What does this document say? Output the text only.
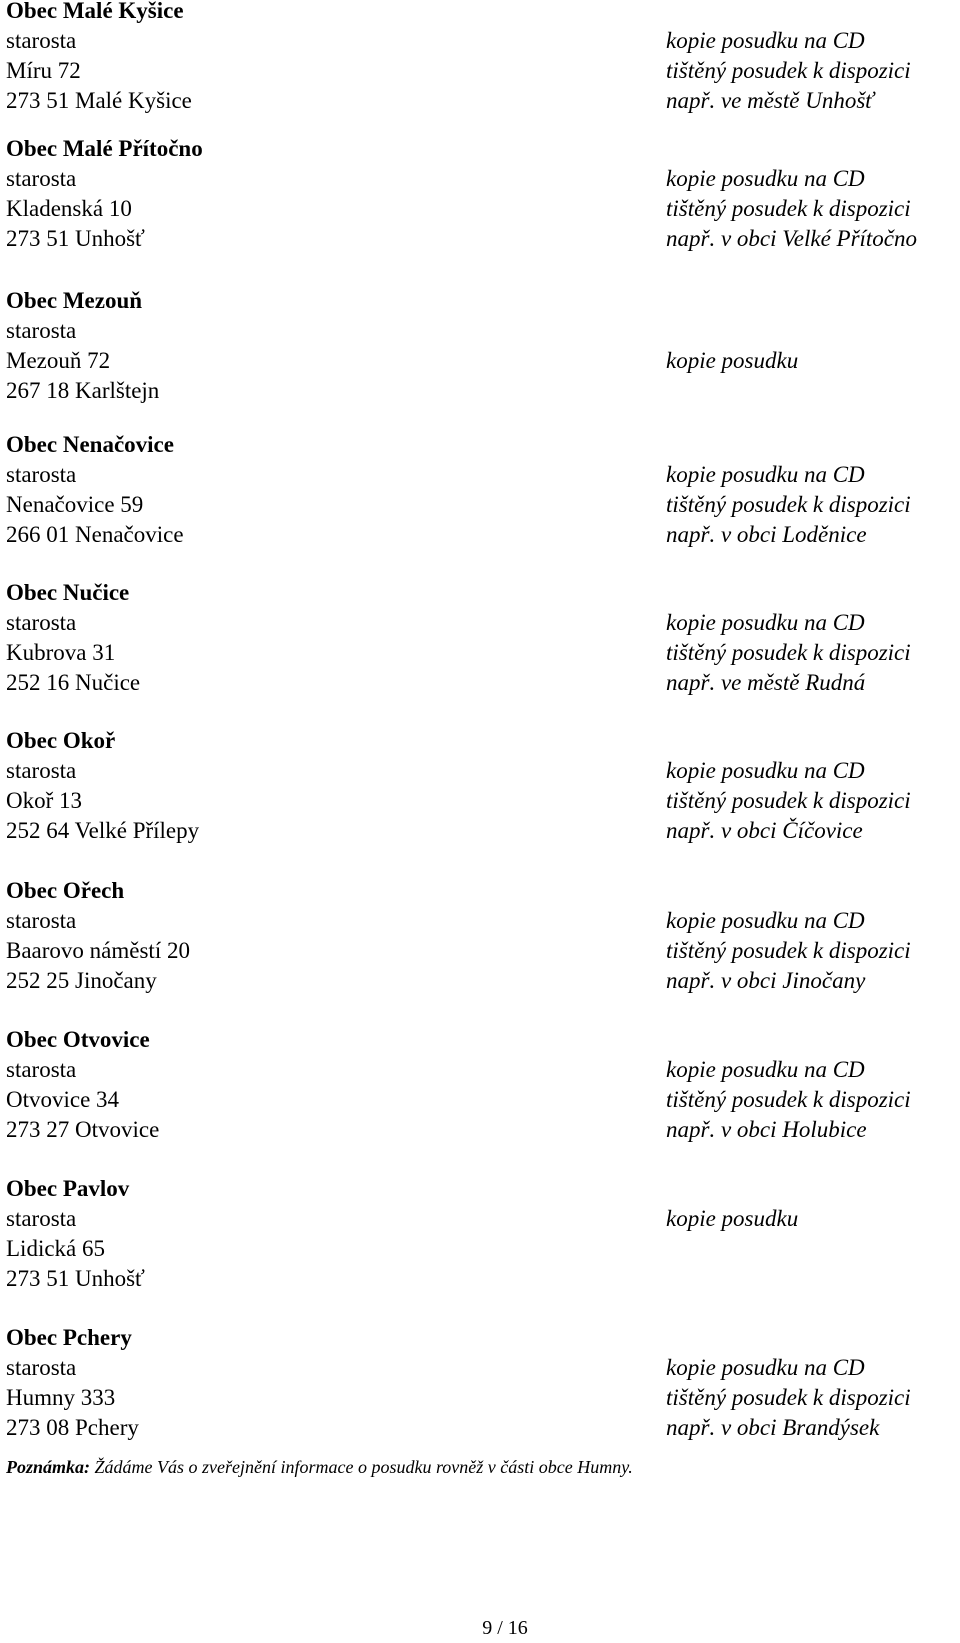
Obec Malé Kyšice
starosta
Míru 72
273 51 Malé Kyšice
kopie posudku na CD
tištěný posudek k dispozici
např. ve městě Unhošť
Obec Malé Přítočno
starosta
Kladenská 10
273 51 Unhošť
kopie posudku na CD
tištěný posudek k dispozici
např. v obci Velké Přítočno
Obec Mezouň
starosta
Mezouň 72
267 18 Karlštejn
kopie posudku
Obec Nenačovice
starosta
Nenačovice 59
266 01 Nenačovice
kopie posudku na CD
tištěný posudek k dispozici
např. v obci Loděnice
Obec Nučice
starosta
Kubrova 31
252 16 Nučice
kopie posudku na CD
tištěný posudek k dispozici
např. ve městě Rudná
Obec Okoř
starosta
Okoř 13
252 64 Velké Přílepy
kopie posudku na CD
tištěný posudek k dispozici
např. v obci Číčovice
Obec Ořech
starosta
Baarovo náměstí 20
252 25 Jinočany
kopie posudku na CD
tištěný posudek k dispozici
např. v obci Jinočany
Obec Otvovice
starosta
Otvovice 34
273 27 Otvovice
kopie posudku na CD
tištěný posudek k dispozici
např. v obci Holubice
Obec Pavlov
starosta
Lidická 65
273 51 Unhošť
kopie posudku
Obec Pchery
starosta
Humny 333
273 08 Pchery
kopie posudku na CD
tištěný posudek k dispozici
např. v obci Brandýsek
Poznámka: Žádáme Vás o zveřejnění informace o posudku rovněž v části obce Humny.
9 / 16
